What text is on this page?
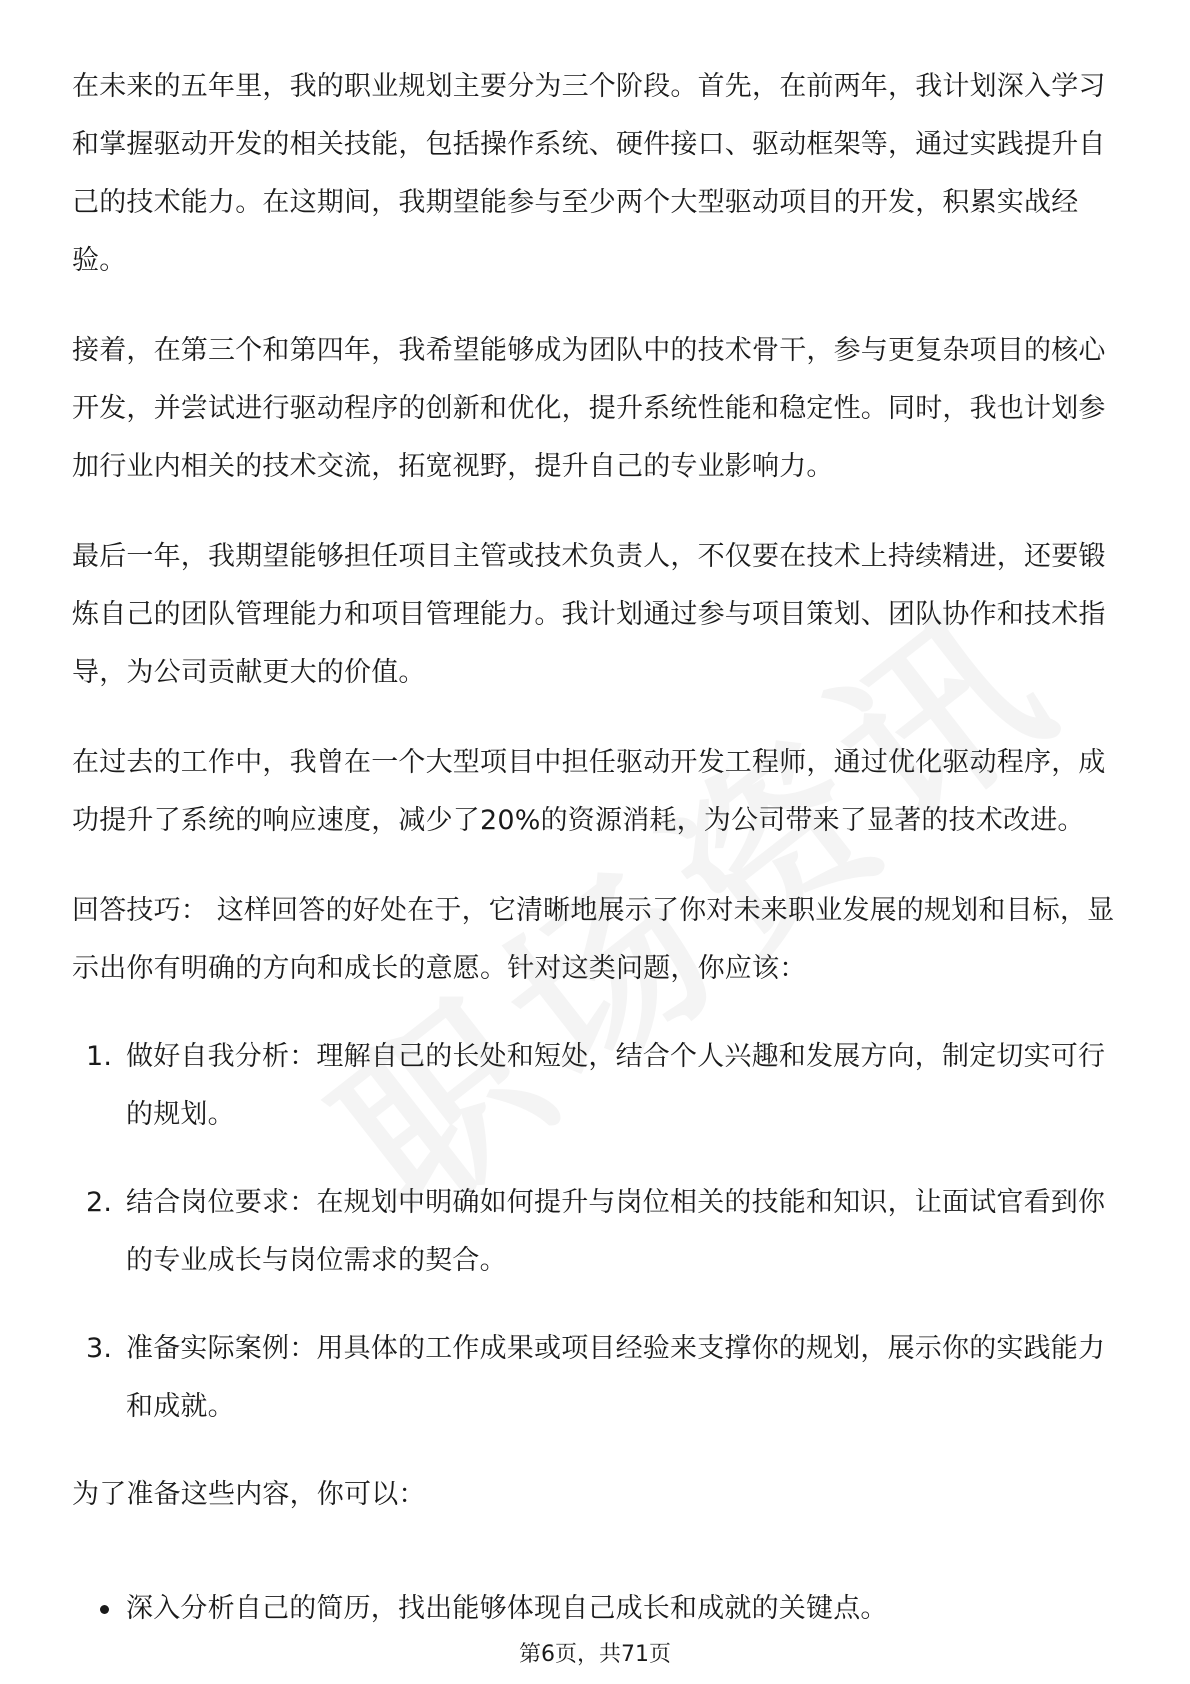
在未来的五年里，我的职业规划主要分为三个阶段。首先，在前两年，我计划深入学习和掌握驱动开发的相关技能，包括操作系统、硬件接口、驱动框架等，通过实践提升自己的技术能力。在这期间，我期望能参与至少两个大型驱动项目的开发，积累实战经验。

接着，在第三个和第四年，我希望能够成为团队中的技术骨干，参与更复杂项目的核心开发，并尝试进行驱动程序的创新和优化，提升系统性能和稳定性。同时，我也计划参加行业内相关的技术交流，拓宽视野，提升自己的专业影响力。

最后一年，我期望能够担任项目主管或技术负责人，不仅要在技术上持续精进，还要锻炼自己的团队管理能力和项目管理能力。我计划通过参与项目策划、团队协作和技术指导，为公司贡献更大的价值。

在过去的工作中，我曾在一个大型项目中担任驱动开发工程师，通过优化驱动程序，成功提升了系统的响应速度，减少了20%的资源消耗，为公司带来了显著的技术改进。

回答技巧： 这样回答的好处在于，它清晰地展示了你对未来职业发展的规划和目标，显示出你有明确的方向和成长的意愿。针对这类问题，你应该：

1. 做好自我分析：理解自己的长处和短处，结合个人兴趣和发展方向，制定切实可行的规划。
2. 结合岗位要求：在规划中明确如何提升与岗位相关的技能和知识，让面试官看到你的专业成长与岗位需求的契合。
3. 准备实际案例：用具体的工作成果或项目经验来支撑你的规划，展示你的实践能力和成就。

为了准备这些内容，你可以：

深入分析自己的简历，找出能够体现自己成长和成就的关键点。
第6页，共71页
